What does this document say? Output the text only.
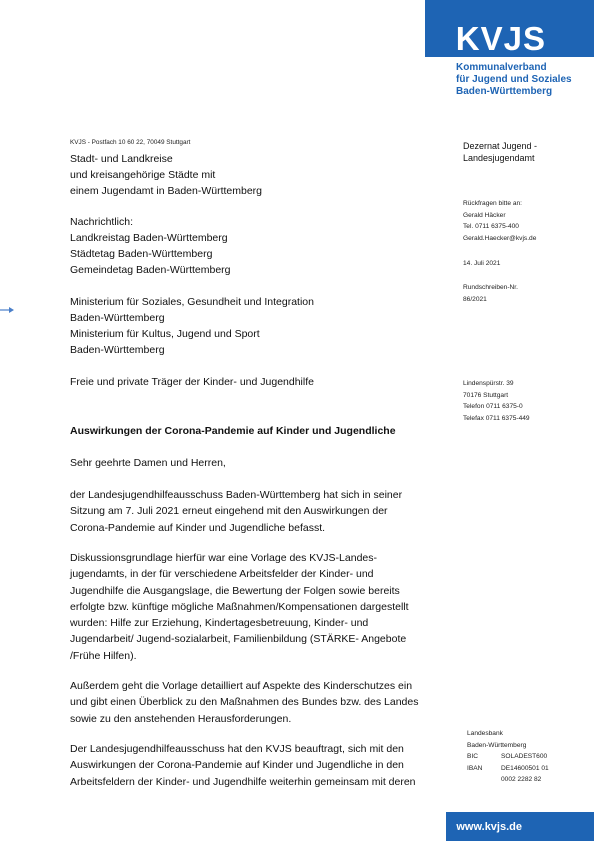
KVJS
Kommunalverband
für Jugend und Soziales
Baden-Württemberg
KVJS - Postfach 10 60 22, 70049 Stuttgart
Stadt- und Landkreise
und kreisangehörige Städte mit
einem Jugendamt in Baden-Württemberg
Nachrichtlich:
Landkreistag Baden-Württemberg
Städtetag Baden-Württemberg
Gemeindetag Baden-Württemberg
Ministerium für Soziales, Gesundheit und Integration
Baden-Württemberg
Ministerium für Kultus, Jugend und Sport
Baden-Württemberg
Freie und private Träger der Kinder- und Jugendhilfe
Dezernat Jugend -
Landesjugendamt
Rückfragen bitte an:
Gerald Häcker
Tel. 0711 6375-400
Gerald.Haecker@kvjs.de
14. Juli 2021
Rundschreiben-Nr.
86/2021
Lindenspürstr. 39
70176 Stuttgart
Telefon 0711 6375-0
Telefax 0711 6375-449
Landesbank
Baden-Württemberg
BIC	SOLADEST600
IBAN	DE14600501 01
0002 2282 82
Auswirkungen der Corona-Pandemie auf Kinder und Jugendliche
Sehr geehrte Damen und Herren,
der Landesjugendhilfeausschuss Baden-Württemberg hat sich in seiner
Sitzung am 7. Juli 2021 erneut eingehend mit den Auswirkungen der
Corona-Pandemie auf Kinder und Jugendliche befasst.
Diskussionsgrundlage hierfür war eine Vorlage des KVJS-Landes-
jugendamts, in der für verschiedene Arbeitsfelder der Kinder- und
Jugendhilfe die Ausgangslage, die Bewertung der Folgen sowie bereits
erfolgte bzw. künftige mögliche Maßnahmen/Kompensationen dargestellt
wurden: Hilfe zur Erziehung, Kindertagesbetreuung, Kinder- und
Jugendarbeit/ Jugend-sozialarbeit, Familienbildung (STÄRKE- Angebote
/Frühe Hilfen).
Außerdem geht die Vorlage detailliert auf Aspekte des Kinderschutzes ein
und gibt einen Überblick zu den Maßnahmen des Bundes bzw. des Landes
sowie zu den anstehenden Herausforderungen.
Der Landesjugendhilfeausschuss hat den KVJS beauftragt, sich mit den
Auswirkungen der Corona-Pandemie auf Kinder und Jugendliche in den
Arbeitsfeldern der Kinder- und Jugendhilfe weiterhin gemeinsam mit deren
www.kvjs.de
